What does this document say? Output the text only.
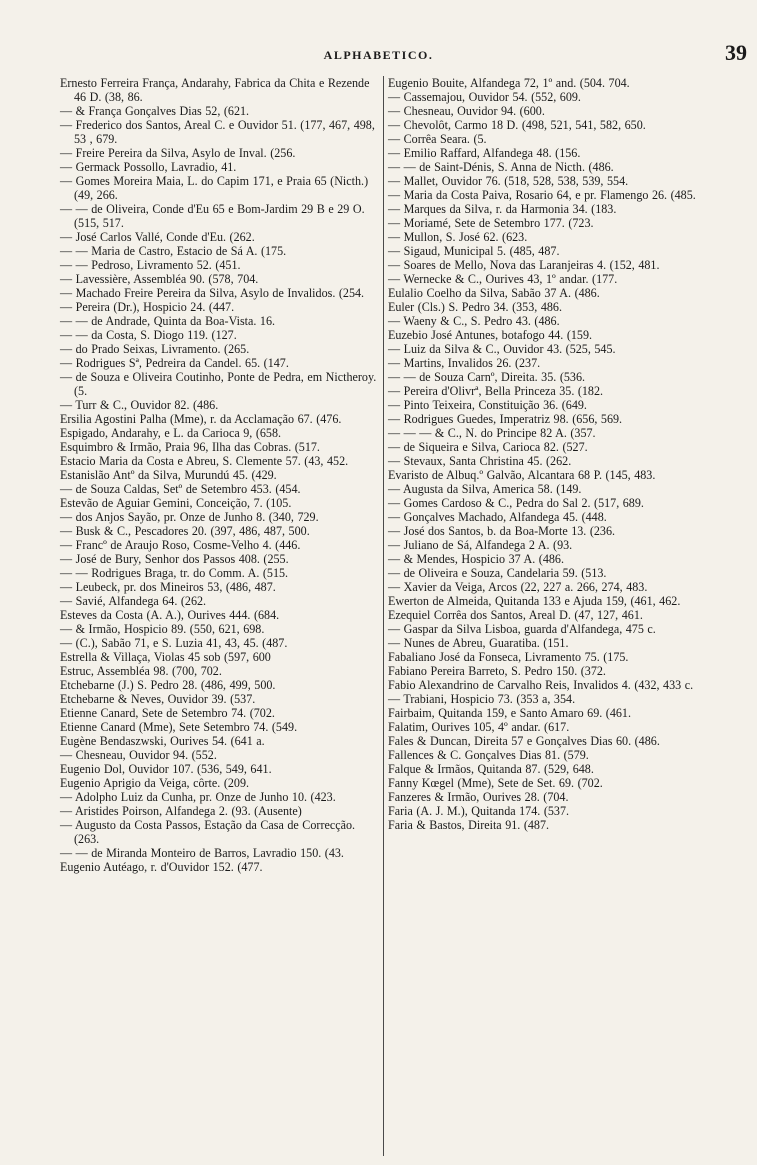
ALPHABETICO.	39

Ernesto Ferreira França, Andarahy, Fabrica da Chita e Rezende 46 D. (38, 86.

— & França Gonçalves Dias 52, (621.

— Frederico dos Santos, Areal C. e Ouvidor 51. (177, 467, 498, 53 , 679.

— Freire Pereira da Silva, Asylo de Inval. (256.

— Germack Possollo, Lavradio, 41.

— Gomes Moreira Maia, L. do Capim 171, e Praia 65 (Nicth.) (49, 266.

— — de Oliveira, Conde d'Eu 65 e Bom-Jardim 29 B e 29 O. (515, 517.

— José Carlos Vallé, Conde d'Eu. (262.

— — Maria de Castro, Estacio de Sá A. (175.

— — Pedroso, Livramento 52. (451.

— Lavessière, Assembléa 90. (578, 704.

— Machado Freire Pereira da Silva, Asylo de Invalidos. (254.

— Pereira (Dr.), Hospicio 24. (447.

— — de Andrade, Quinta da Boa-Vista. 16.

— — da Costa, S. Diogo 119. (127.

— do Prado Seixas, Livramento. (265.

— Rodrigues Sª, Pedreira da Candel. 65. (147.

— de Souza e Oliveira Coutinho, Ponte de Pedra, em Nictheroy. (5.

— Turr & C., Ouvidor 82. (486.

Ersilia Agostini Palha (Mme), r. da Acclamação 67. (476.

Espigado, Andarahy, e L. da Carioca 9, (658.

Esquimbro & Irmão, Praia 96, Ilha das Cobras. (517.

Estacio Maria da Costa e Abreu, S. Clemente 57. (43, 452.

Estanislão Antº da Silva, Murundú 45. (429.

— de Souza Caldas, Setº de Setembro 453. (454.

Estevão de Aguiar Gemini, Conceição, 7. (105.

— dos Anjos Sayão, pr. Onze de Junho 8. (340, 729.

— Busk & C., Pescadores 20. (397, 486, 487, 500.

— Francº de Araujo Roso, Cosme-Velho 4. (446.

— José de Bury, Senhor dos Passos 408. (255.

— — Rodrigues Braga, tr. do Comm. A. (515.

— Leubeck, pr. dos Mineiros 53, (486, 487.

— Savié, Alfandega 64. (262.

Esteves da Costa (A. A.), Ourives 444. (684.

— & Irmão, Hospicio 89. (550, 621, 698.

— (C.), Sabão 71, e S. Luzia 41, 43, 45. (487.

Estrella & Villaça, Violas 45 sob (597, 600

Estruc, Assembléa 98. (700, 702.

Etchebarne (J.) S. Pedro 28. (486, 499, 500.

Etchebarne & Neves, Ouvidor 39. (537.

Etienne Canard, Sete de Setembro 74. (702.

Etienne Canard (Mme), Sete Setembro 74. (549.

Eugène Bendaszwski, Ourives 54. (641 a.

— Chesneau, Ouvidor 94. (552.

Eugenio Dol, Ouvidor 107. (536, 549, 641.

Eugenio Aprigio da Veiga, côrte. (209.

— Adolpho Luiz da Cunha, pr. Onze de Junho 10. (423.

— Aristides Poirson, Alfandega 2. (93. (Ausente)

— Augusto da Costa Passos, Estação da Casa de Correcção. (263.

— — de Miranda Monteiro de Barros, Lavradio 150. (43.

Eugenio Autéago, r. d'Ouvidor 152. (477.

Eugenio Bouite, Alfandega 72, 1º and. (504. 704.

— Cassemajou, Ouvidor 54. (552, 609.

— Chesneau, Ouvidor 94. (600.

— Chevolôt, Carmo 18 D. (498, 521, 541, 582, 650.

— Corrêa Seara. (5.

— Emilio Raffard, Alfandega 48. (156.

— — de Saint-Dénis, S. Anna de Nicth. (486.

— Mallet, Ouvidor 76. (518, 528, 538, 539, 554.

— Maria da Costa Paiva, Rosario 64, e pr. Flamengo 26. (485.

— Marques da Silva, r. da Harmonia 34. (183.

— Moriamé, Sete de Setembro 177. (723.

— Mullon, S. José 62. (623.

— Sigaud, Municipal 5. (485, 487.

— Soares de Mello, Nova das Laranjeiras 4. (152, 481.

— Wernecke & C., Ourives 43, 1º andar. (177.

Eulalio Coelho da Silva, Sabão 37 A. (486.

Euler (Cls.) S. Pedro 34. (353, 486.

— Waeny & C., S. Pedro 43. (486.

Euzebio José Antunes, botafogo 44. (159.

— Luiz da Silva & C., Ouvidor 43. (525, 545.

— Martins, Invalidos 26. (237.

— — de Souza Carnº, Direita. 35. (536.

— Pereira d'Olivrª, Bella Princeza 35. (182.

— Pinto Teixeira, Constituição 36. (649.

— Rodrigues Guedes, Imperatriz 98. (656, 569.

— — — & C., N. do Principe 82 A. (357.

— de Siqueira e Silva, Carioca 82. (527.

— Stevaux, Santa Christina 45. (262.

Evaristo de Albuq.º Galvão, Alcantara 68 P. (145, 483.

— Augusta da Silva, America 58. (149.

— Gomes Cardoso & C., Pedra do Sal 2. (517, 689.

— Gonçalves Machado, Alfandega 45. (448.

— José dos Santos, b. da Boa-Morte 13. (236.

— Juliano de Sá, Alfandega 2 A. (93.

— & Mendes, Hospicio 37 A. (486.

— de Oliveira e Souza, Candelaria 59. (513.

— Xavier da Veiga, Arcos (22, 227 a. 266, 274, 483.

Ewerton de Almeida, Quitanda 133 e Ajuda 159, (461, 462.

Ezequiel Corrêa dos Santos, Areal D. (47, 127, 461.

— Gaspar da Silva Lisboa, guarda d'Alfandega, 475 c.

— Nunes de Abreu, Guaratiba. (151.

Fabaliano José da Fonseca, Livramento 75. (175.

Fabiano Pereira Barreto, S. Pedro 150. (372.

Fabio Alexandrino de Carvalho Reis, Invalidos 4. (432, 433 c.

— Trabiani, Hospicio 73. (353 a, 354.

Fairbaim, Quitanda 159, e Santo Amaro 69. (461.

Falatim, Ourives 105, 4º andar. (617.

Fales & Duncan, Direita 57 e Gonçalves Dias 60. (486.

Fallences & C. Gonçalves Dias 81. (579.

Falque & Irmãos, Quitanda 87. (529, 648.

Fanny Kœgel (Mme), Sete de Set. 69. (702.

Fanzeres & Irmão, Ourives 28. (704.

Faria (A. J. M.), Quitanda 174. (537.

Faria & Bastos, Direita 91. (487.
